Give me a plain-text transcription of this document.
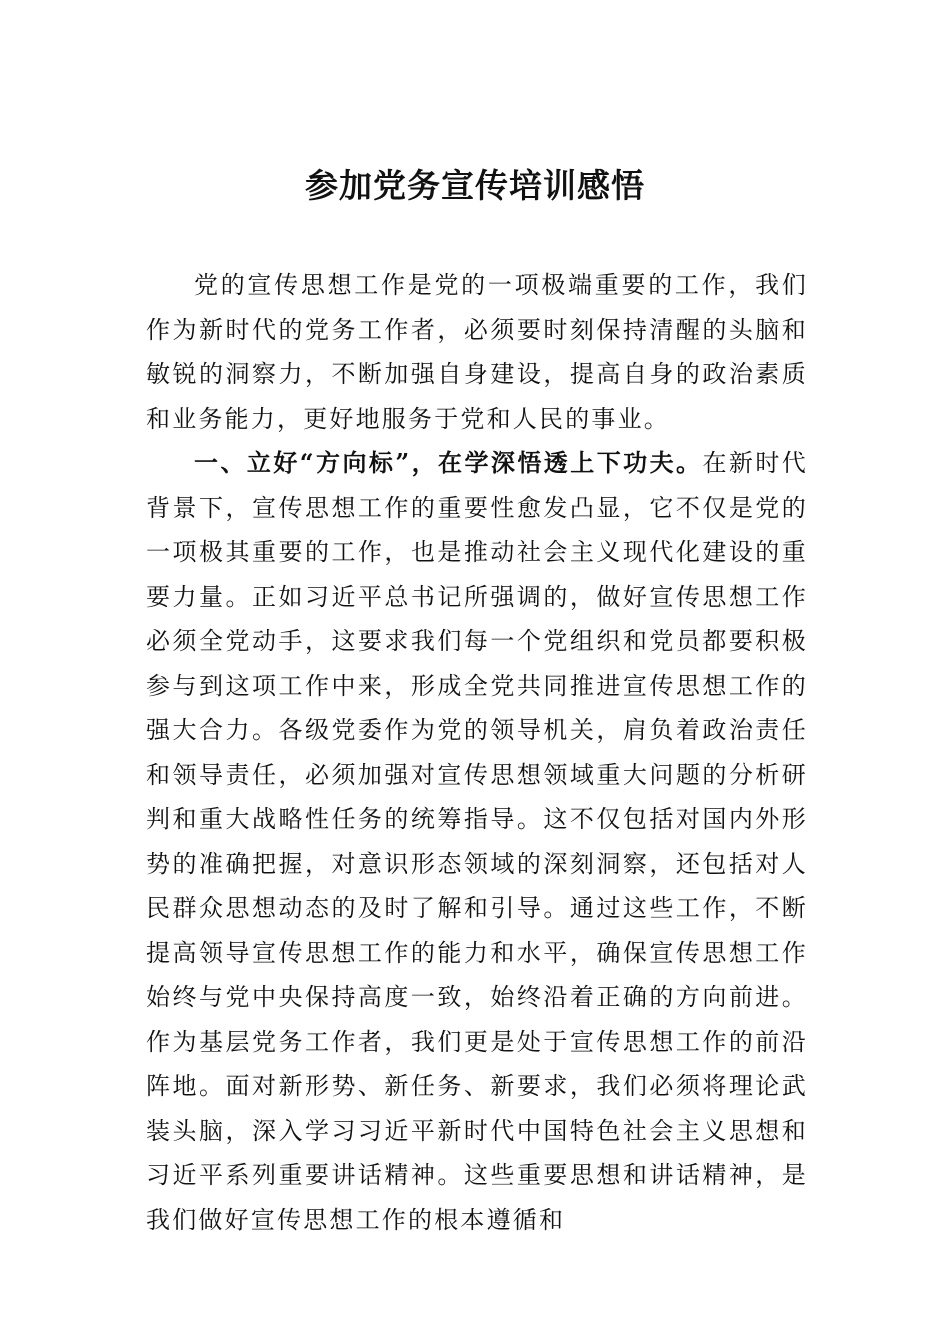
参加党务宣传培训感悟

党的宣传思想工作是党的一项极端重要的工作，我们作为新时代的党务工作者，必须要时刻保持清醒的头脑和敏锐的洞察力，不断加强自身建设，提高自身的政治素质和业务能力，更好地服务于党和人民的事业。

一、立好“方向标”，在学深悟透上下功夫。在新时代背景下，宣传思想工作的重要性愈发凸显，它不仅是党的一项极其重要的工作，也是推动社会主义现代化建设的重要力量。正如习近平总书记所强调的，做好宣传思想工作必须全党动手，这要求我们每一个党组织和党员都要积极参与到这项工作中来，形成全党共同推进宣传思想工作的强大合力。各级党委作为党的领导机关，肩负着政治责任和领导责任，必须加强对宣传思想领域重大问题的分析研判和重大战略性任务的统筹指导。这不仅包括对国内外形势的准确把握，对意识形态领域的深刻洞察，还包括对人民群众思想动态的及时了解和引导。通过这些工作，不断提高领导宣传思想工作的能力和水平，确保宣传思想工作始终与党中央保持高度一致，始终沿着正确的方向前进。作为基层党务工作者，我们更是处于宣传思想工作的前沿阵地。面对新形势、新任务、新要求，我们必须将理论武装头脑，深入学习习近平新时代中国特色社会主义思想和习近平系列重要讲话精神。这些重要思想和讲话精神，是我们做好宣传思想工作的根本遵循和
